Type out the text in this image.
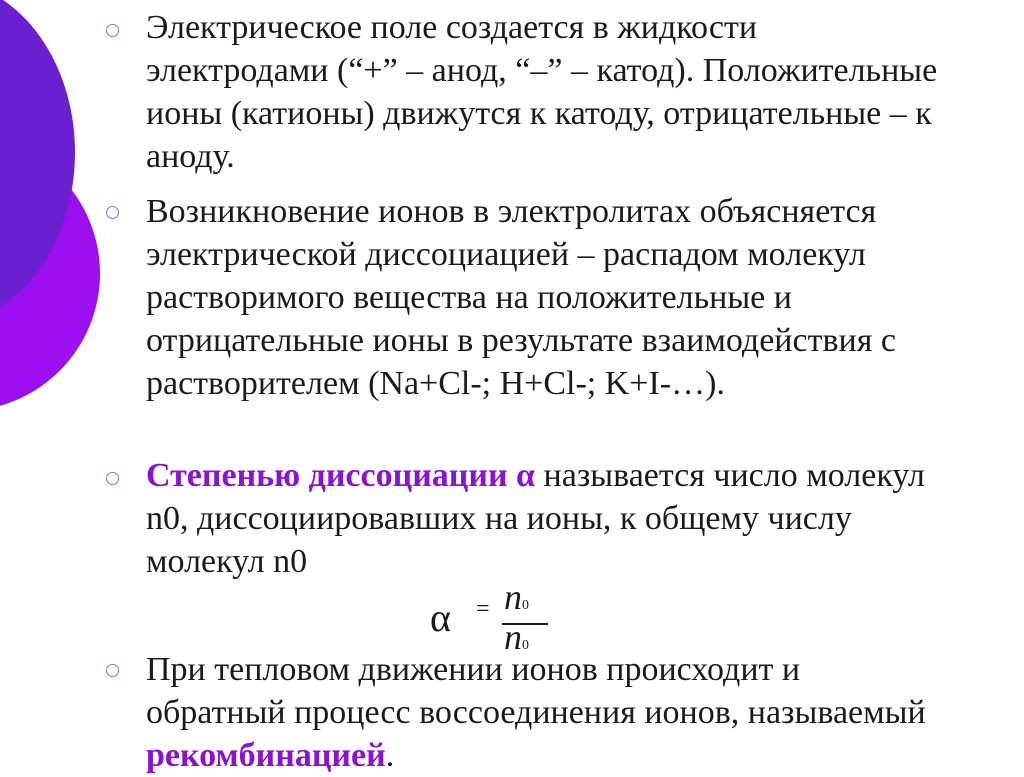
Электрическое поле создается в жидкости электродами (“+” – анод, “–” – катод). Положительные ионы (катионы) движутся к катоду, отрицательные – к аноду.
Возникновение ионов в электролитах объясняется электрической диссоциацией – распадом молекул растворимого вещества на положительные и отрицательные ионы в результате взаимодействия с растворителем (Na+Cl-; H+Cl-; K+I-…).
Степенью диссоциации α называется число молекул n0, диссоциировавших на ионы, к общему числу молекул n0
При тепловом движении ионов происходит и обратный процесс воссоединения ионов, называемый рекомбинацией.
α = n0
n0
